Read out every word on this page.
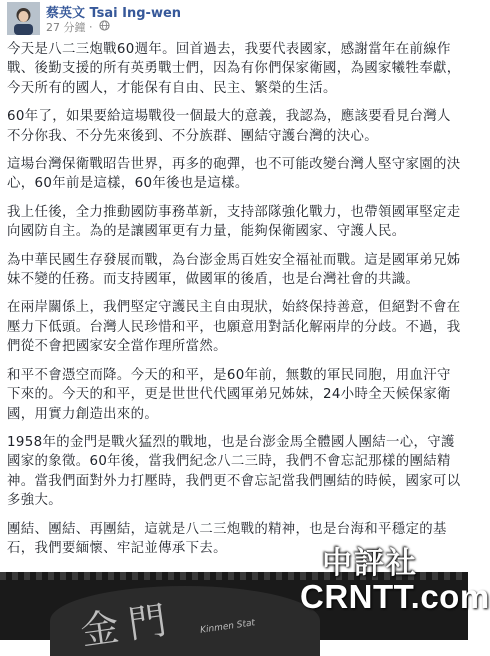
蔡英文 Tsai Ing-wen
27 分鐘 ·

今天是八二三炮戰60週年。回首過去，我要代表國家，感謝當年在前線作戰、後勤支援的所有英勇戰士們，因為有你們保家衛國，為國家犧牲奉獻，今天所有的國人，才能保有自由、民主、繁榮的生活。

60年了，如果要給這場戰役一個最大的意義，我認為，應該要看見台灣人不分你我、不分先來後到、不分族群、團結守護台灣的決心。

這場台灣保衛戰昭告世界，再多的砲彈，也不可能改變台灣人堅守家園的決心，60年前是這樣，60年後也是這樣。

我上任後，全力推動國防事務革新，支持部隊強化戰力，也帶領國軍堅定走向國防自主。為的是讓國軍更有力量，能夠保衛國家、守護人民。

為中華民國生存發展而戰，為台澎金馬百姓安全福祉而戰。這是國軍弟兄姊妹不變的任務。而支持國軍，做國軍的後盾，也是台灣社會的共識。

在兩岸關係上，我們堅定守護民主自由現狀，始終保持善意，但絕對不會在壓力下低頭。台灣人民珍惜和平，也願意用對話化解兩岸的分歧。不過，我們從不會把國家安全當作理所當然。

和平不會憑空而降。今天的和平，是60年前，無數的軍民同胞，用血汗守下來的。今天的和平，更是世世代代國軍弟兄姊妹，24小時全天候保家衛國，用實力創造出來的。

1958年的金門是戰火猛烈的戰地，也是台澎金馬全體國人團結一心，守護國家的象徵。60年後，當我們紀念八二三時，我們不會忘記那樣的團結精神。當我們面對外力打壓時，我們更不會忘記當我們團結的時候，國家可以多強大。

團結、團結、再團結，這就是八二三炮戰的精神，也是台海和平穩定的基石，我們要緬懷、牢記並傳承下去。

金門 Kinmen Stat
中評社
CRNTT.com
